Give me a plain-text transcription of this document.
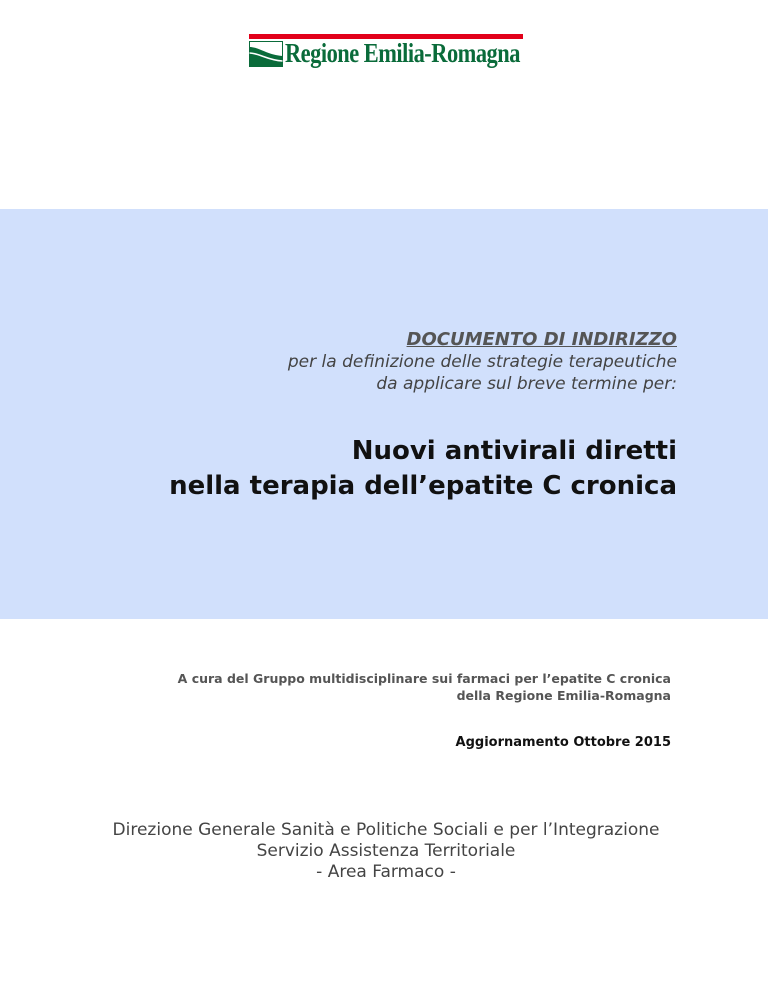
Regione Emilia-Romagna
DOCUMENTO DI INDIRIZZO
per la definizione delle strategie terapeutiche
da applicare sul breve termine per:
Nuovi antivirali diretti
nella terapia dell’epatite C cronica
A cura del Gruppo multidisciplinare sui farmaci per l’epatite C cronica
della Regione Emilia-Romagna
Aggiornamento Ottobre 2015
Direzione Generale Sanità e Politiche Sociali e per l’Integrazione
Servizio Assistenza Territoriale
- Area Farmaco -
